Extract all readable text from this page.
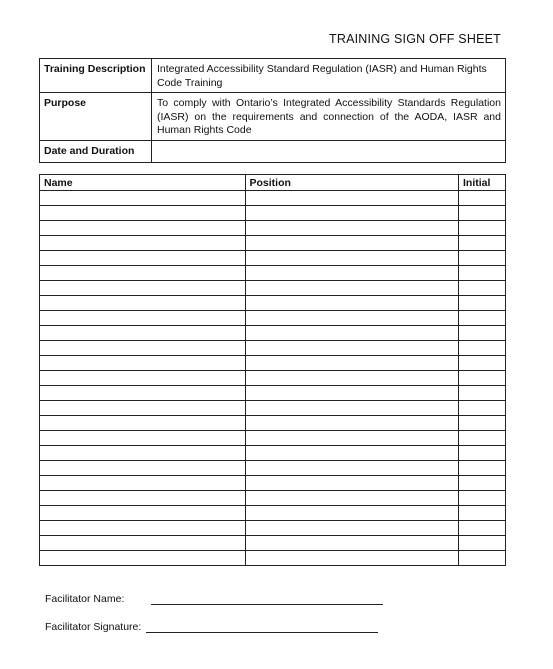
TRAINING SIGN OFF SHEET
Training Description	Integrated Accessibility Standard Regulation (IASR) and Human Rights Code Training
Purpose	To comply with Ontario’s Integrated Accessibility Standards Regulation (IASR) on the requirements and connection of the AODA, IASR and Human Rights Code
Date and Duration	
Name	Position	Initial

Facilitator Name:
Facilitator Signature:
